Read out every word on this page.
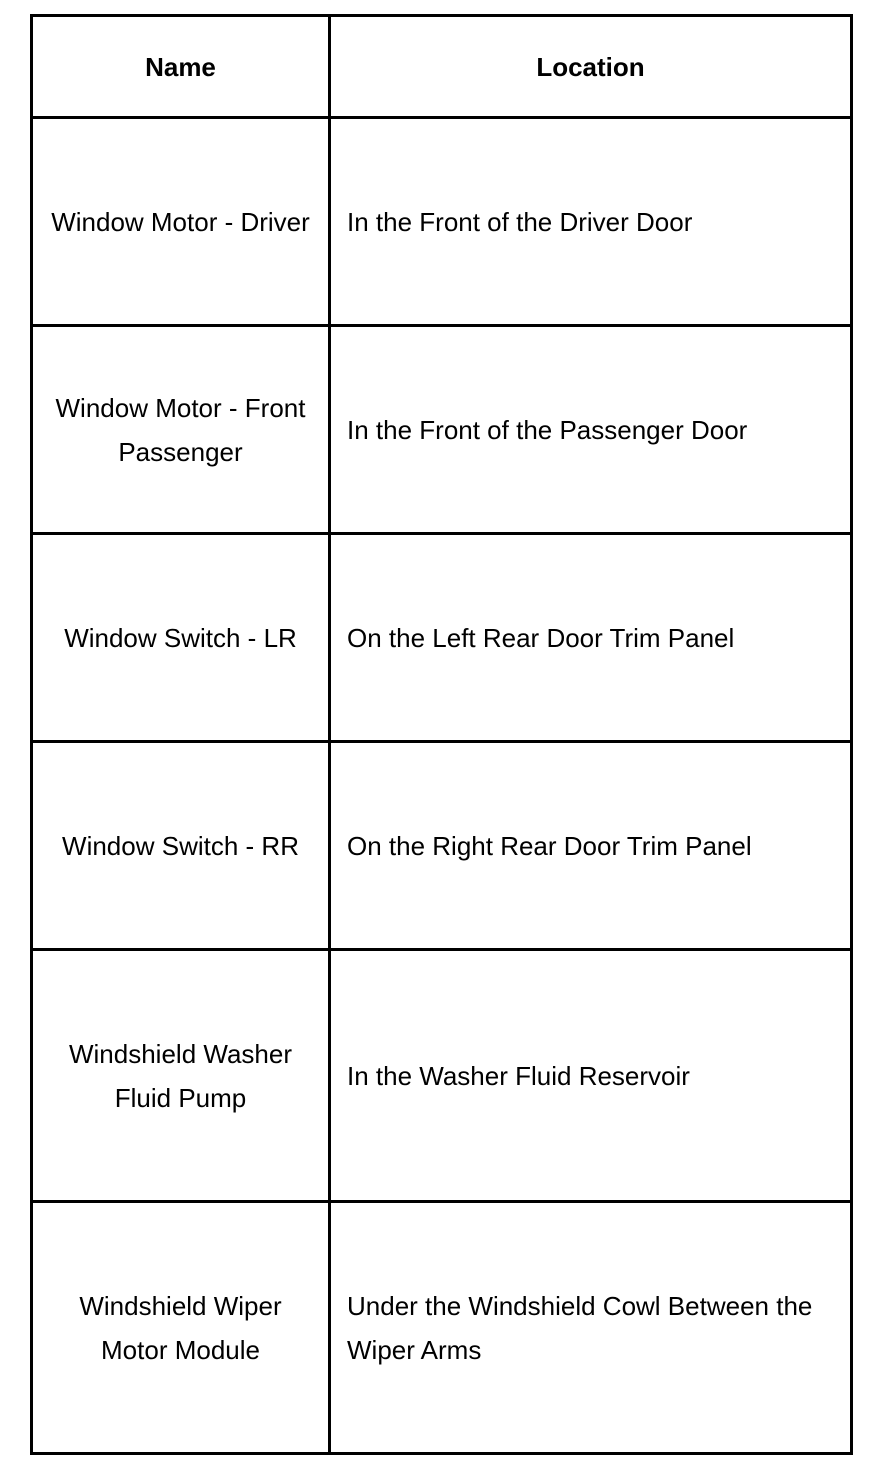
Name	Location
Window Motor - Driver	In the Front of the Driver Door
Window Motor - Front Passenger	In the Front of the Passenger Door
Window Switch - LR	On the Left Rear Door Trim Panel
Window Switch - RR	On the Right Rear Door Trim Panel
Windshield Washer Fluid Pump	In the Washer Fluid Reservoir
Windshield Wiper Motor Module	Under the Windshield Cowl Between the Wiper Arms
